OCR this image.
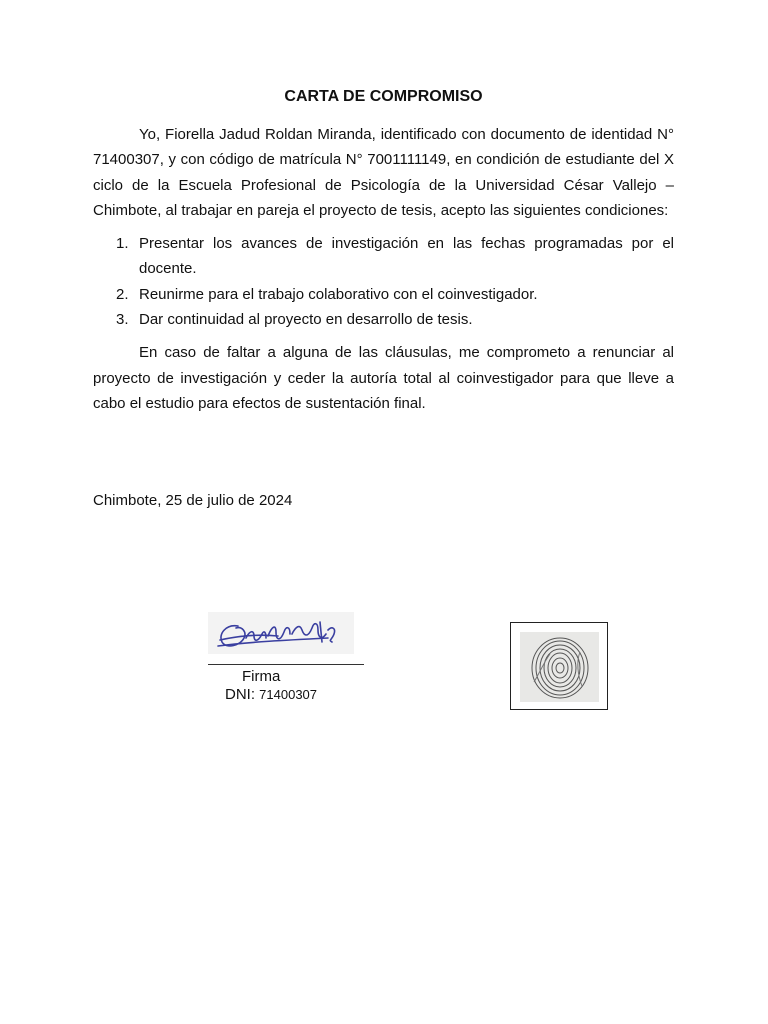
CARTA DE COMPROMISO

Yo, Fiorella Jadud Roldan Miranda, identificado con documento de identidad N° 71400307, y con código de matrícula N° 7001111149, en condición de estudiante del X ciclo de la Escuela Profesional de Psicología de la Universidad César Vallejo – Chimbote, al trabajar en pareja el proyecto de tesis, acepto las siguientes condiciones:

1. Presentar los avances de investigación en las fechas programadas por el docente.
2. Reunirme para el trabajo colaborativo con el coinvestigador.
3. Dar continuidad al proyecto en desarrollo de tesis.

En caso de faltar a alguna de las cláusulas, me comprometo a renunciar al proyecto de investigación y ceder la autoría total al coinvestigador para que lleve a cabo el estudio para efectos de sustentación final.

Chimbote, 25 de julio de 2024
Firma
DNI: 71400307
